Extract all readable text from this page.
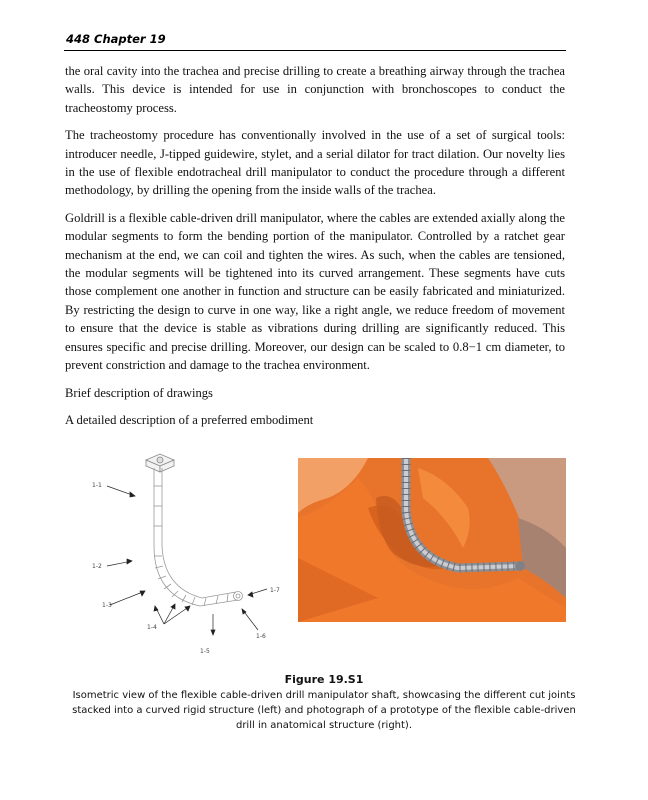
448 Chapter 19

the oral cavity into the trachea and precise drilling to create a breathing airway through the trachea walls. This device is intended for use in conjunction with bronchoscopes to conduct the tracheostomy process.

The tracheostomy procedure has conventionally involved in the use of a set of surgical tools: introducer needle, J-tipped guidewire, stylet, and a serial dilator for tract dilation. Our novelty lies in the use of flexible endotracheal drill manipulator to conduct the procedure through a different methodology, by drilling the opening from the inside walls of the trachea.

Goldrill is a flexible cable-driven drill manipulator, where the cables are extended axially along the modular segments to form the bending portion of the manipulator. Controlled by a ratchet gear mechanism at the end, we can coil and tighten the wires. As such, when the cables are tensioned, the modular segments will be tightened into its curved arrangement. These segments have cuts those complement one another in function and structure can be easily fabricated and miniaturized. By restricting the design to curve in one way, like a right angle, we reduce freedom of movement to ensure that the device is stable as vibrations during drilling are significantly reduced. This ensures specific and precise drilling. Moreover, our design can be scaled to 0.8−1 cm diameter, to prevent constriction and damage to the trachea environment.

Brief description of drawings

A detailed description of a preferred embodiment

1-1
1-2
1-3
1-4
1-5
1-6
1-7
Figure 19.S1
Isometric view of the flexible cable-driven drill manipulator shaft, showcasing the different cut joints stacked into a curved rigid structure (left) and photograph of a prototype of the flexible cable-driven drill in anatomical structure (right).
